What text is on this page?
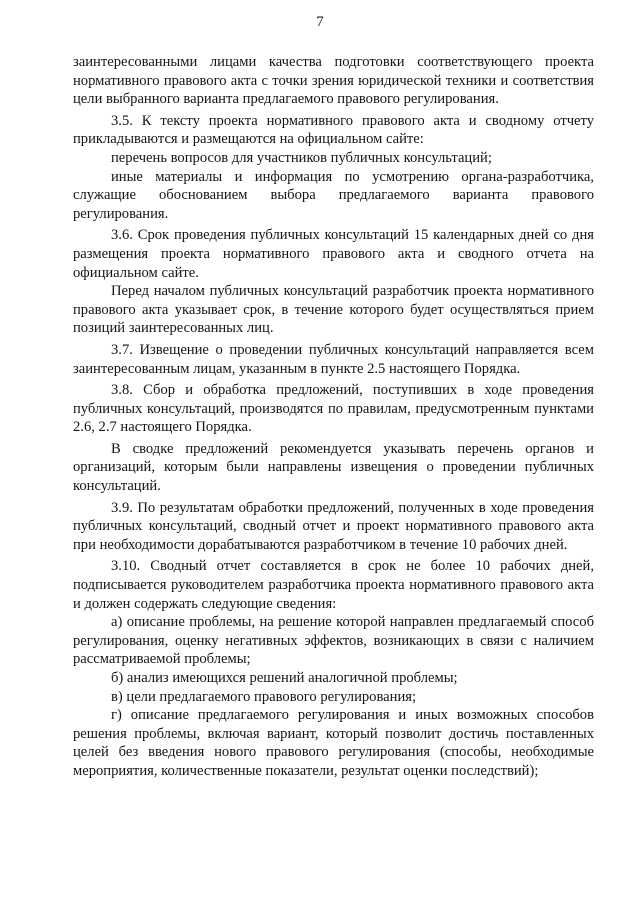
7

заинтересованными лицами качества подготовки соответствующего проекта нормативного правового акта с точки зрения юридической техники и соответствия цели выбранного варианта предлагаемого правового регулирования.

3.5. К тексту проекта нормативного правового акта и сводному отчету прикладываются и размещаются на официальном сайте:

перечень вопросов для участников публичных консультаций;

иные материалы и информация по усмотрению органа-разработчика, служащие обоснованием выбора предлагаемого варианта правового регулирования.

3.6. Срок проведения публичных консультаций 15 календарных дней со дня размещения проекта нормативного правового акта и сводного отчета на официальном сайте.

Перед началом публичных консультаций разработчик проекта нормативного правового акта указывает срок, в течение которого будет осуществляться прием позиций заинтересованных лиц.

3.7. Извещение о проведении публичных консультаций направляется всем заинтересованным лицам, указанным в пункте 2.5 настоящего Порядка.

3.8. Сбор и обработка предложений, поступивших в ходе проведения публичных консультаций, производятся по правилам, предусмотренным пунктами 2.6, 2.7 настоящего Порядка.

В сводке предложений рекомендуется указывать перечень органов и организаций, которым были направлены извещения о проведении публичных консультаций.

3.9. По результатам обработки предложений, полученных в ходе проведения публичных консультаций, сводный отчет и проект нормативного правового акта при необходимости дорабатываются разработчиком в течение 10 рабочих дней.

3.10. Сводный отчет составляется в срок не более 10 рабочих дней, подписывается руководителем разработчика проекта нормативного правового акта и должен содержать следующие сведения:

а) описание проблемы, на решение которой направлен предлагаемый способ регулирования, оценку негативных эффектов, возникающих в связи с наличием рассматриваемой проблемы;

б) анализ имеющихся решений аналогичной проблемы;

в) цели предлагаемого правового регулирования;

г) описание предлагаемого регулирования и иных возможных способов решения проблемы, включая вариант, который позволит достичь поставленных целей без введения нового правового регулирования (способы, необходимые мероприятия, количественные показатели, результат оценки последствий);
